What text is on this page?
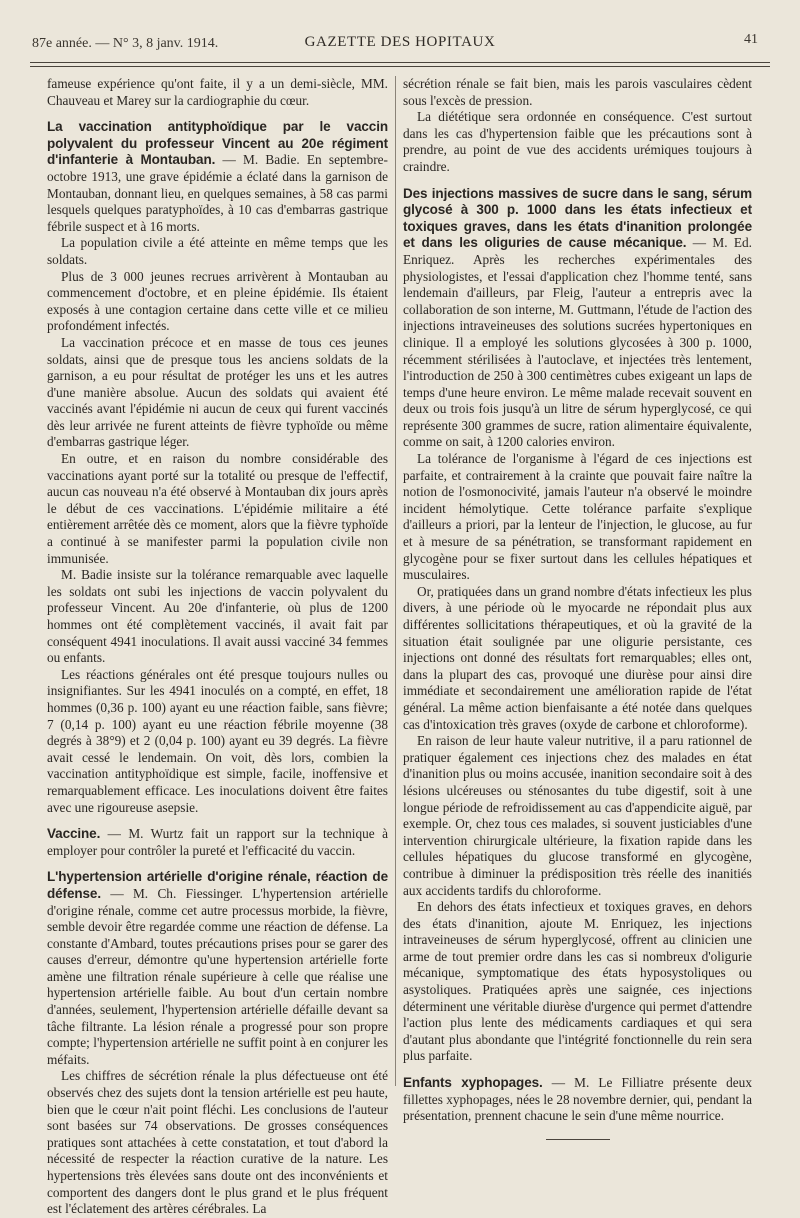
87e année. — N° 3, 8 janv. 1914.	GAZETTE DES HOPITAUX	41

fameuse expérience qu'ont faite, il y a un demi-siècle, MM. Chauveau et Marey sur la cardiographie du cœur.

La vaccination antityphoïdique par le vaccin polyvalent du professeur Vincent au 20e régiment d'infanterie à Montauban. — M. Badie. En septembre-octobre 1913, une grave épidémie a éclaté dans la garnison de Montauban, donnant lieu, en quelques semaines, à 58 cas parmi lesquels quelques paratyphoïdes, à 10 cas d'embarras gastrique fébrile suspect et à 16 morts.

La population civile a été atteinte en même temps que les soldats.

Plus de 3 000 jeunes recrues arrivèrent à Montauban au commencement d'octobre, et en pleine épidémie. Ils étaient exposés à une contagion certaine dans cette ville et ce milieu profondément infectés.

La vaccination précoce et en masse de tous ces jeunes soldats, ainsi que de presque tous les anciens soldats de la garnison, a eu pour résultat de protéger les uns et les autres d'une manière absolue. Aucun des soldats qui avaient été vaccinés avant l'épidémie ni aucun de ceux qui furent vaccinés dès leur arrivée ne furent atteints de fièvre typhoïde ou même d'embarras gastrique léger.

En outre, et en raison du nombre considérable des vaccinations ayant porté sur la totalité ou presque de l'effectif, aucun cas nouveau n'a été observé à Montauban dix jours après le début de ces vaccinations. L'épidémie militaire a été entièrement arrêtée dès ce moment, alors que la fièvre typhoïde a continué à se manifester parmi la population civile non immunisée.

M. Badie insiste sur la tolérance remarquable avec laquelle les soldats ont subi les injections de vaccin polyvalent du professeur Vincent. Au 20e d'infanterie, où plus de 1200 hommes ont été complètement vaccinés, il avait fait par conséquent 4941 inoculations. Il avait aussi vacciné 34 femmes ou enfants.

Les réactions générales ont été presque toujours nulles ou insignifiantes. Sur les 4941 inoculés on a compté, en effet, 18 hommes (0,36 p. 100) ayant eu une réaction faible, sans fièvre; 7 (0,14 p. 100) ayant eu une réaction fébrile moyenne (38 degrés à 38°9) et 2 (0,04 p. 100) ayant eu 39 degrés. La fièvre avait cessé le lendemain. On voit, dès lors, combien la vaccination antityphoïdique est simple, facile, inoffensive et remarquablement efficace. Les inoculations doivent être faites avec une rigoureuse asepsie.

Vaccine. — M. Wurtz fait un rapport sur la technique à employer pour contrôler la pureté et l'efficacité du vaccin.

L'hypertension artérielle d'origine rénale, réaction de défense. — M. Ch. Fiessinger. L'hypertension artérielle d'origine rénale, comme cet autre processus morbide, la fièvre, semble devoir être regardée comme une réaction de défense. La constante d'Ambard, toutes précautions prises pour se garer des causes d'erreur, démontre qu'une hypertension artérielle forte amène une filtration rénale supérieure à celle que réalise une hypertension artérielle faible. Au bout d'un certain nombre d'années, seulement, l'hypertension artérielle défaille devant sa tâche filtrante. La lésion rénale a progressé pour son propre compte; l'hypertension artérielle ne suffit point à en conjurer les méfaits.

Les chiffres de sécrétion rénale la plus défectueuse ont été observés chez des sujets dont la tension artérielle est peu haute, bien que le cœur n'ait point fléchi. Les conclusions de l'auteur sont basées sur 74 observations. De grosses conséquences pratiques sont attachées à cette constatation, et tout d'abord la nécessité de respecter la réaction curative de la nature. Les hypertensions très élevées sans doute ont des inconvénients et comportent des dangers dont le plus grand et le plus fréquent est l'éclatement des artères cérébrales. La

sécrétion rénale se fait bien, mais les parois vasculaires cèdent sous l'excès de pression.

La diététique sera ordonnée en conséquence. C'est surtout dans les cas d'hypertension faible que les précautions sont à prendre, au point de vue des accidents urémiques toujours à craindre.

Des injections massives de sucre dans le sang, sérum glycosé à 300 p. 1000 dans les états infectieux et toxiques graves, dans les états d'inanition prolongée et dans les oliguries de cause mécanique. — M. Ed. Enriquez. Après les recherches expérimentales des physiologistes, et l'essai d'application chez l'homme tenté, sans lendemain d'ailleurs, par Fleig, l'auteur a entrepris avec la collaboration de son interne, M. Guttmann, l'étude de l'action des injections intraveineuses des solutions sucrées hypertoniques en clinique. Il a employé les solutions glycosées à 300 p. 1000, récemment stérilisées à l'autoclave, et injectées très lentement, l'introduction de 250 à 300 centimètres cubes exigeant un laps de temps d'une heure environ. Le même malade recevait souvent en deux ou trois fois jusqu'à un litre de sérum hyperglycosé, ce qui représente 300 grammes de sucre, ration alimentaire équivalente, comme on sait, à 1200 calories environ.

La tolérance de l'organisme à l'égard de ces injections est parfaite, et contrairement à la crainte que pouvait faire naître la notion de l'osmonocivité, jamais l'auteur n'a observé le moindre incident hémolytique. Cette tolérance parfaite s'explique d'ailleurs a priori, par la lenteur de l'injection, le glucose, au fur et à mesure de sa pénétration, se transformant rapidement en glycogène pour se fixer surtout dans les cellules hépatiques et musculaires.

Or, pratiquées dans un grand nombre d'états infectieux les plus divers, à une période où le myocarde ne répondait plus aux différentes sollicitations thérapeutiques, et où la gravité de la situation était soulignée par une oligurie persistante, ces injections ont donné des résultats fort remarquables; elles ont, dans la plupart des cas, provoqué une diurèse pour ainsi dire immédiate et secondairement une amélioration rapide de l'état général. La même action bienfaisante a été notée dans quelques cas d'intoxication très graves (oxyde de carbone et chloroforme).

En raison de leur haute valeur nutritive, il a paru rationnel de pratiquer également ces injections chez des malades en état d'inanition plus ou moins accusée, inanition secondaire soit à des lésions ulcéreuses ou sténosantes du tube digestif, soit à une longue période de refroidissement au cas d'appendicite aiguë, par exemple. Or, chez tous ces malades, si souvent justiciables d'une intervention chirurgicale ultérieure, la fixation rapide dans les cellules hépatiques du glucose transformé en glycogène, contribue à diminuer la prédisposition très réelle des inanitiés aux accidents tardifs du chloroforme.

En dehors des états infectieux et toxiques graves, en dehors des états d'inanition, ajoute M. Enriquez, les injections intraveineuses de sérum hyperglycosé, offrent au clinicien une arme de tout premier ordre dans les cas si nombreux d'oligurie mécanique, symptomatique des états hyposystoliques ou asystoliques. Pratiquées après une saignée, ces injections déterminent une véritable diurèse d'urgence qui permet d'attendre l'action plus lente des médicaments cardiaques et qui sera d'autant plus abondante que l'intégrité fonctionnelle du rein sera plus parfaite.

Enfants xyphopages. — M. Le Filliatre présente deux fillettes xyphopages, nées le 28 novembre dernier, qui, pendant la présentation, prennent chacune le sein d'une même nourrice.
